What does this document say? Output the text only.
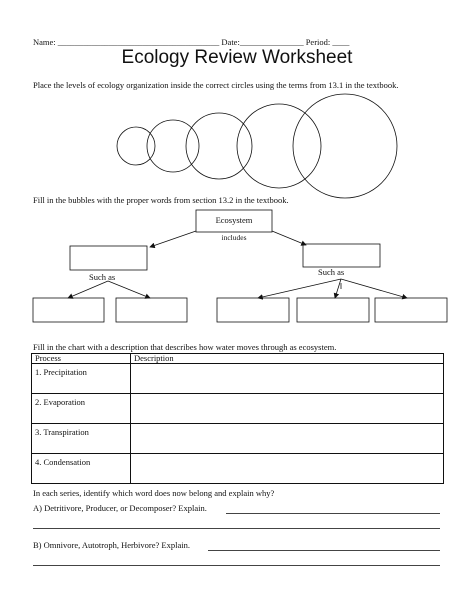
Name: ______________________________________ Date:_______________ Period: ____
Ecology Review Worksheet
Place the levels of ecology organization inside the correct circles using the terms from 13.1 in the textbook.
Fill in the bubbles with the proper words from section 13.2 in the textbook.
Ecosystem
includes
Such as	Such as
Fill in the chart with a description that describes how water moves through as ecosystem.
Process	Description
1. Precipitation	
2. Evaporation	
3. Transpiration	
4. Condensation	
In each series, identify which word does now belong and explain why?
A) Detritivore, Producer, or Decomposer? Explain.
B) Omnivore, Autotroph, Herbivore? Explain.
